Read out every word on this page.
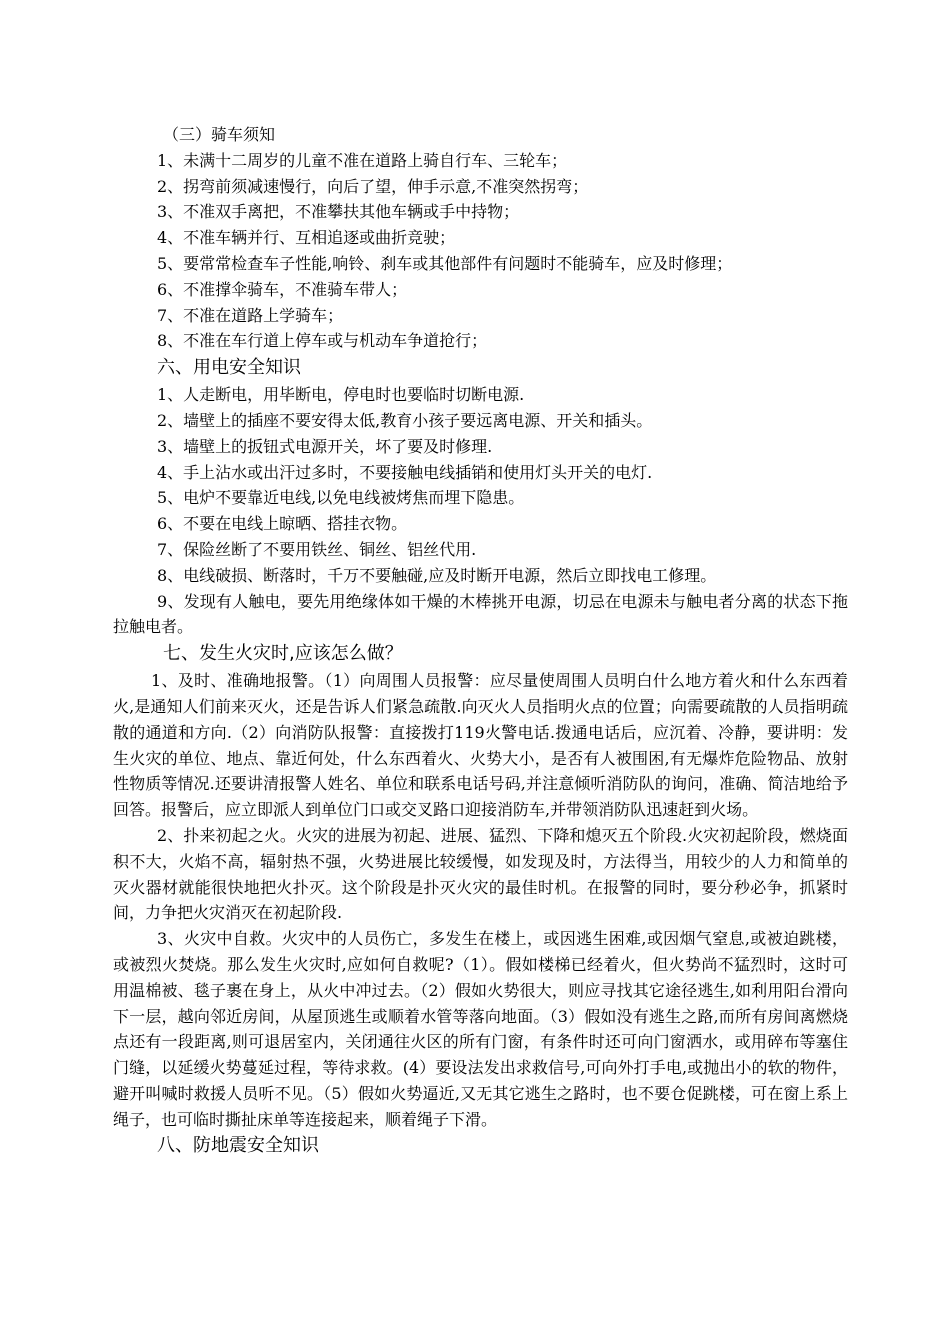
（三）骑车须知

1、未满十二周岁的儿童不准在道路上骑自行车、三轮车；

2、拐弯前须减速慢行，向后了望，伸手示意,不准突然拐弯；

3、不准双手离把，不准攀扶其他车辆或手中持物；

4、不准车辆并行、互相追逐或曲折竞驶；

5、要常常检查车子性能,响铃、刹车或其他部件有问题时不能骑车，应及时修理；

6、不准撑伞骑车，不准骑车带人；

7、不准在道路上学骑车；

8、不准在车行道上停车或与机动车争道抢行；

六、用电安全知识

1、人走断电，用毕断电，停电时也要临时切断电源.

2、墙壁上的插座不要安得太低,教育小孩子要远离电源、开关和插头。

3、墙壁上的扳钮式电源开关，坏了要及时修理.

4、手上沾水或出汗过多时，不要接触电线插销和使用灯头开关的电灯.

5、电炉不要靠近电线,以免电线被烤焦而埋下隐患。

6、不要在电线上晾晒、搭挂衣物。

7、保险丝断了不要用铁丝、铜丝、铝丝代用.

8、电线破损、断落时，千万不要触碰,应及时断开电源，然后立即找电工修理。

9、发现有人触电，要先用绝缘体如干燥的木棒挑开电源，切忌在电源未与触电者分离的状态下拖拉触电者。

七、发生火灾时,应该怎么做？

1、及时、准确地报警。（1）向周围人员报警：应尽量使周围人员明白什么地方着火和什么东西着火,是通知人们前来灭火，还是告诉人们紧急疏散.向灭火人员指明火点的位置；向需要疏散的人员指明疏散的通道和方向.（2）向消防队报警：直接拨打119火警电话.拨通电话后，应沉着、冷静，要讲明：发生火灾的单位、地点、靠近何处，什么东西着火、火势大小，是否有人被围困,有无爆炸危险物品、放射性物质等情况.还要讲清报警人姓名、单位和联系电话号码,并注意倾听消防队的询问，准确、简洁地给予回答。报警后，应立即派人到单位门口或交叉路口迎接消防车,并带领消防队迅速赶到火场。

2、扑来初起之火。火灾的进展为初起、进展、猛烈、下降和熄灭五个阶段.火灾初起阶段，燃烧面积不大，火焰不高，辐射热不强，火势进展比较缓慢，如发现及时，方法得当，用较少的人力和简单的灭火器材就能很快地把火扑灭。这个阶段是扑灭火灾的最佳时机。在报警的同时，要分秒必争，抓紧时间，力争把火灾消灭在初起阶段.

3、火灾中自救。火灾中的人员伤亡，多发生在楼上，或因逃生困难,或因烟气窒息,或被迫跳楼，或被烈火焚烧。那么发生火灾时,应如何自救呢?（1）。假如楼梯已经着火，但火势尚不猛烈时，这时可用温棉被、毯子裹在身上，从火中冲过去。（2）假如火势很大，则应寻找其它途径逃生,如利用阳台滑向下一层，越向邻近房间，从屋顶逃生或顺着水管等落向地面。（3）假如没有逃生之路,而所有房间离燃烧点还有一段距离,则可退居室内，关闭通往火区的所有门窗，有条件时还可向门窗洒水，或用碎布等塞住门缝，以延缓火势蔓延过程，等待求救。(4）要设法发出求救信号,可向外打手电,或抛出小的软的物件，避开叫喊时救援人员听不见。（5）假如火势逼近,又无其它逃生之路时，也不要仓促跳楼，可在窗上系上绳子，也可临时撕扯床单等连接起来，顺着绳子下滑。

八、防地震安全知识
